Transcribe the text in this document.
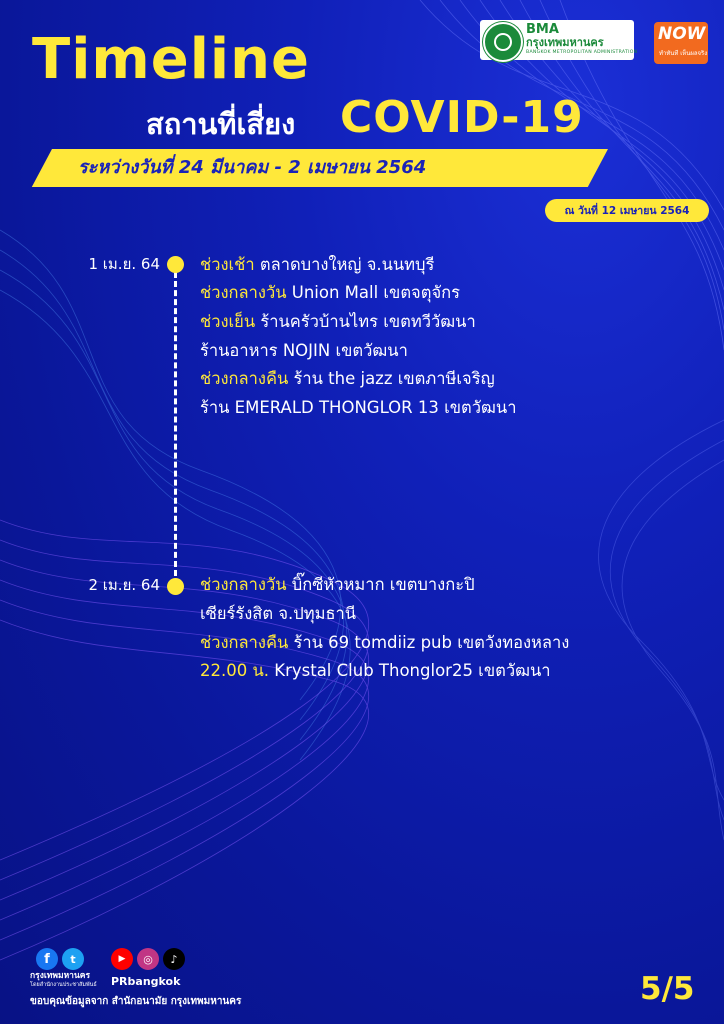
Timeline
สถานที่เสี่ยง COVID-19
ระหว่างวันที่ 24 มีนาคม - 2 เมษายน 2564
ณ วันที่ 12 เมษายน 2564
BMA
กรุงเทพมหานคร
BANGKOK METROPOLITAN ADMINISTRATION
NOW
ทำทันที เห็นผลจริง
1 เม.ย. 64 ช่วงเช้า ตลาดบางใหญ่ จ.นนทบุรี
ช่วงกลางวัน Union Mall เขตจตุจักร
ช่วงเย็น ร้านครัวบ้านไทร เขตทวีวัฒนา
ร้านอาหาร NOJIN เขตวัฒนา
ช่วงกลางคืน ร้าน the jazz เขตภาษีเจริญ
ร้าน EMERALD THONGLOR 13 เขตวัฒนา
2 เม.ย. 64 ช่วงกลางวัน บิ๊กซีหัวหมาก เขตบางกะปิ
เซียร์รังสิต จ.ปทุมธานี
ช่วงกลางคืน ร้าน 69 tomdiiz pub เขตวังทองหลาง
22.00 น. Krystal Club Thonglor25 เขตวัฒนา
f	t
กรุงเทพมหานคร
โดยสำนักงานประชาสัมพันธ์
▶	◎	♪
PRbangkok
ขอบคุณข้อมูลจาก สำนักอนามัย กรุงเทพมหานคร	5/5
